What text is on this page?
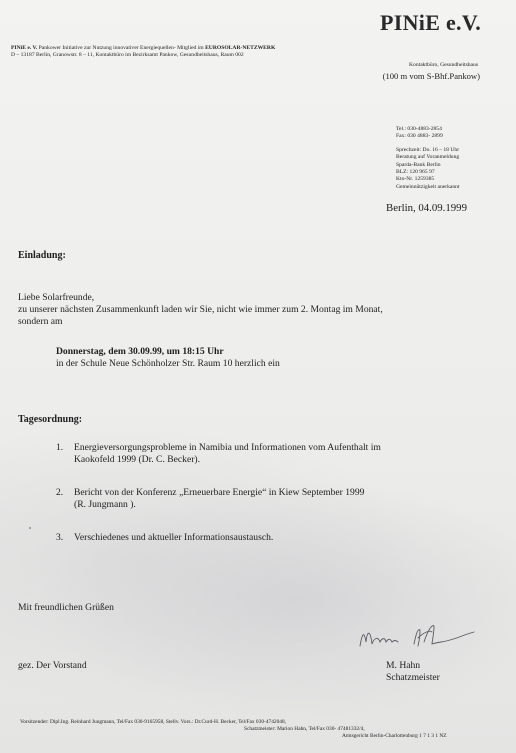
PINiE e.V.

PINiE e. V. Pankower Initiative zur Nutzung innovativer Energiequellen- Mitglied im EUROSOLAR-NETZWERK
D – 13187 Berlin, Granowstr. 8 – 11, Kontaktbüro im Bezirksamt Pankow, Gesundheitshaus, Raum 002

Kontaktbüro, Gesundheitshaus

(100 m vom S-Bhf.Pankow)

Tel.: 030-4883-2854
Fax: 030 4883- 2899
Sprechzeit: Do. 16 – 18 Uhr
Beratung auf Voranmeldung
Sparda-Bank Berlin
BLZ: 120 965 97
Kto-Nr. 1259385
Gemeinnützigkeit anerkannt

Berlin, 04.09.1999

Einladung:

Liebe Solarfreunde,
zu unserer nächsten Zusammenkunft laden wir Sie, nicht wie immer zum 2. Montag im Monat,
sondern am
Donnerstag, dem 30.09.99, um 18:15 Uhr
in der Schule Neue Schönholzer Str. Raum 10 herzlich ein

Tagesordnung:

1.	Energieversorgungsprobleme in Namibia und Informationen vom Aufenthalt im
Kaokofeld 1999 (Dr. C. Becker).
2.	Bericht von der Konferenz „Erneuerbare Energie“ in Kiew September 1999
(R. Jungmann ).
3.	Verschiedenes und aktueller Informationsaustausch.

Mit freundlichen Grüßen

gez. Der Vorstand	M. Hahn
Schatzmeister
Vorsitzender: Dipl.Ing. Reinhard Jungmann, Tel/Fax 030-9165958, Stellv. Vors.: Dr.Curd-H. Becker, Tel/Fax 030-4742048,
Schatzmeister: Marion Hahn, Tel/Fax 030- 47481332/4,
Amtsgericht Berlin-Charlottenburg 1 7 1 3 1 NZ
